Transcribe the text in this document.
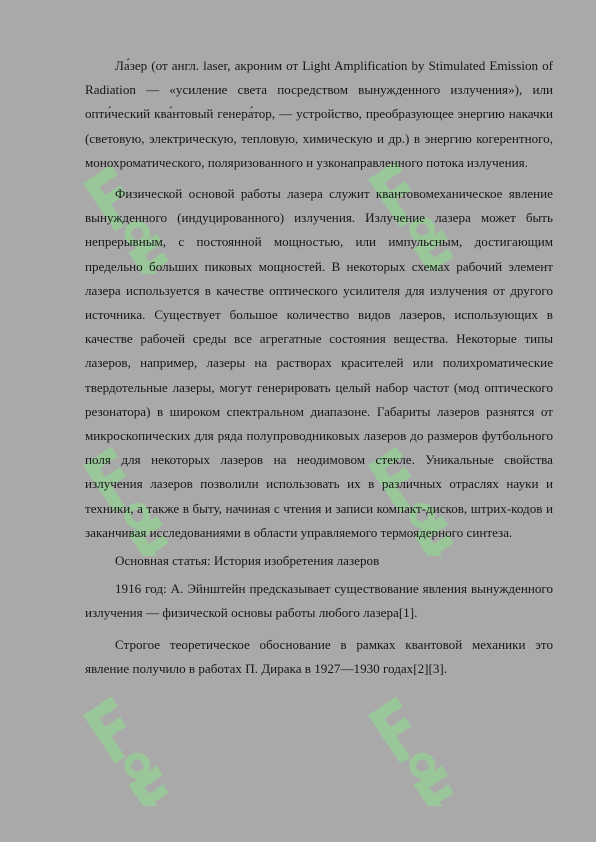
Ла́зер (от англ. laser, акроним от Light Amplification by Stimulated Emission of Radiation — «усиление света посредством вынужденного излучения»), или опти́ческий ква́нтовый генера́тор, — устройство, преобразующее энергию накачки (световую, электрическую, тепловую, химическую и др.) в энергию когерентного, монохроматического, поляризованного и узконаправленного потока излучения.

Физической основой работы лазера служит квантовомеханическое явление вынужденного (индуцированного) излучения. Излучение лазера может быть непрерывным, с постоянной мощностью, или импульсным, достигающим предельно больших пиковых мощностей. В некоторых схемах рабочий элемент лазера используется в качестве оптического усилителя для излучения от другого источника. Существует большое количество видов лазеров, использующих в качестве рабочей среды все агрегатные состояния вещества. Некоторые типы лазеров, например, лазеры на растворах красителей или полихроматические твердотельные лазеры, могут генерировать целый набор частот (мод оптического резонатора) в широком спектральном диапазоне. Габариты лазеров разнятся от микроскопических для ряда полупроводниковых лазеров до размеров футбольного поля для некоторых лазеров на неодимовом стекле. Уникальные свойства излучения лазеров позволили использовать их в различных отраслях науки и техники, а также в быту, начиная с чтения и записи компакт-дисков, штрих-кодов и заканчивая исследованиями в области управляемого термоядерного синтеза.

Основная статья: История изобретения лазеров

1916 год: А. Эйнштейн предсказывает существование явления вынужденного излучения — физической основы работы любого лазера[1].

Строгое теоретическое обоснование в рамках квантовой механики это явление получило в работах П. Дирака в 1927—1930 годах[2][3].
